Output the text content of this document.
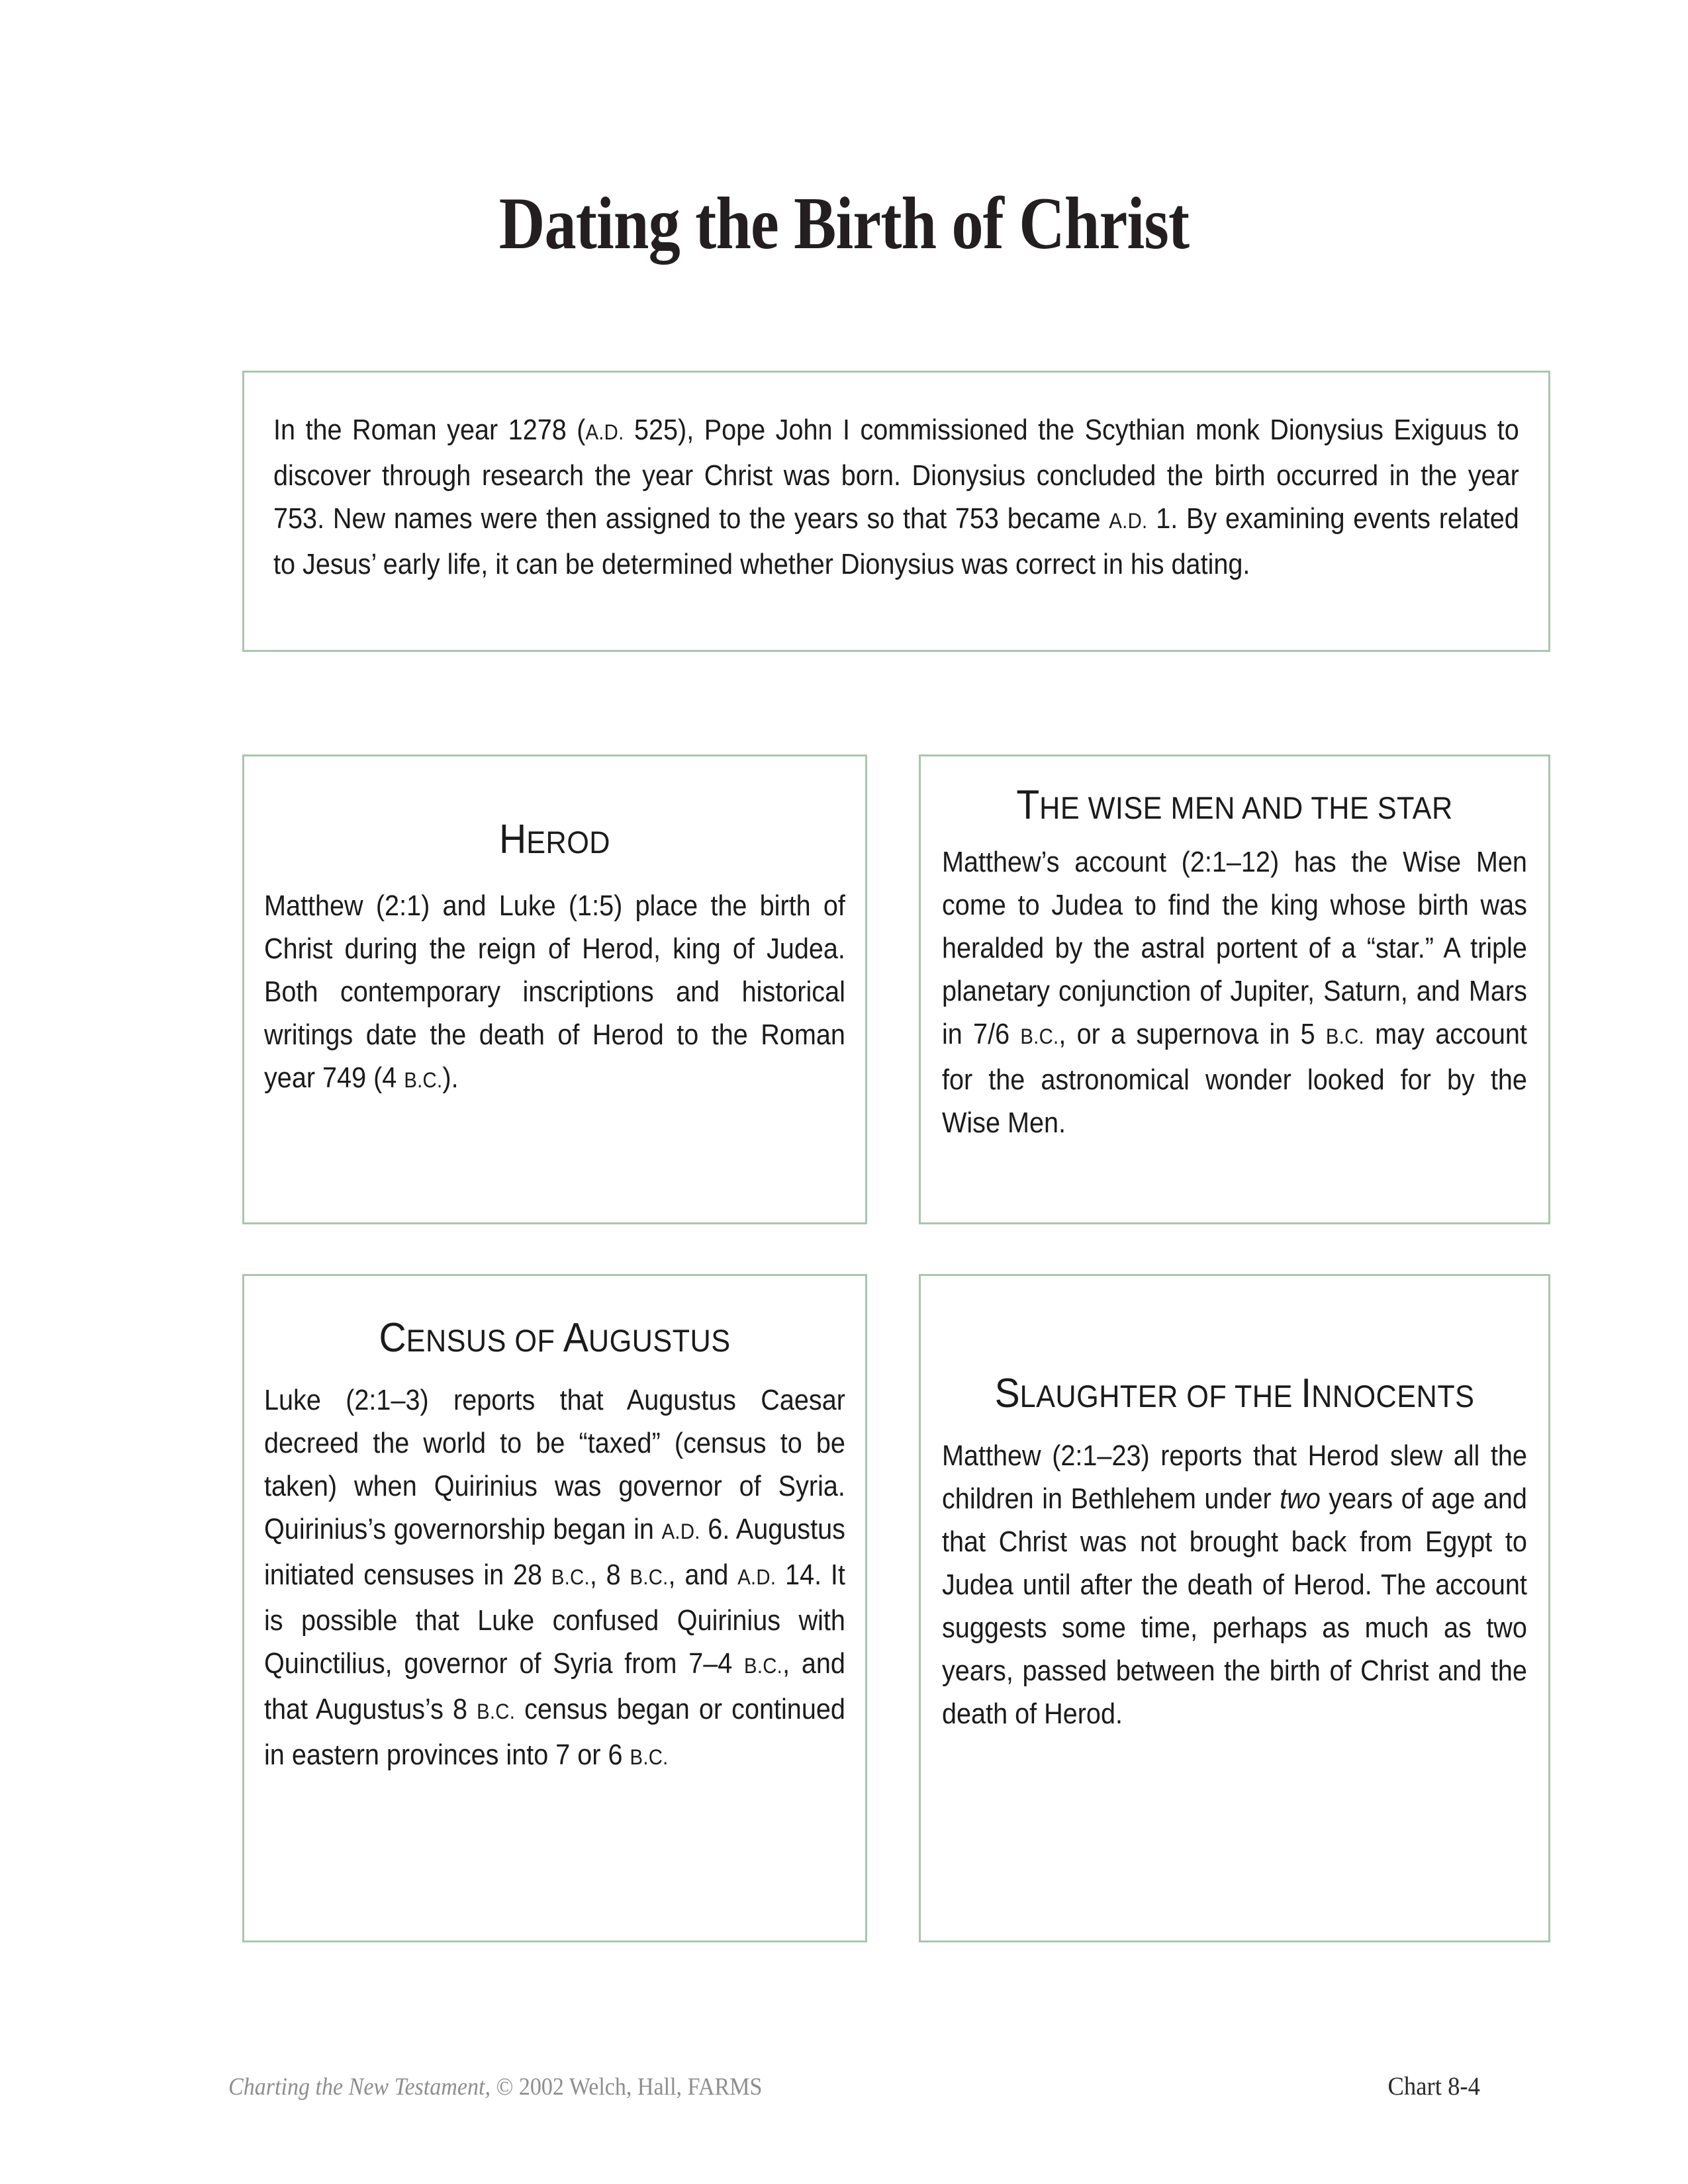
Dating the Birth of Christ
In the Roman year 1278 (A.D. 525), Pope John I commissioned the Scythian monk Dionysius Exiguus to discover through research the year Christ was born. Dionysius concluded the birth occurred in the year 753. New names were then assigned to the years so that 753 became A.D. 1. By examining events related to Jesus’ early life, it can be determined whether Dionysius was correct in his dating.
HEROD
Matthew (2:1) and Luke (1:5) place the birth of Christ during the reign of Herod, king of Judea. Both contemporary inscriptions and historical writings date the death of Herod to the Roman year 749 (4 B.C.).
THE WISE MEN AND THE STAR
Matthew’s account (2:1–12) has the Wise Men come to Judea to find the king whose birth was heralded by the astral portent of a “star.” A triple planetary conjunction of Jupiter, Saturn, and Mars in 7/6 B.C., or a supernova in 5 B.C. may account for the astronomical wonder looked for by the Wise Men.
CENSUS OF AUGUSTUS
Luke (2:1–3) reports that Augustus Caesar decreed the world to be “taxed” (census to be taken) when Quirinius was governor of Syria. Quirinius’s governorship began in A.D. 6. Augustus initiated censuses in 28 B.C., 8 B.C., and A.D. 14. It is possible that Luke confused Quirinius with Quinctilius, governor of Syria from 7–4 B.C., and that Augustus’s 8 B.C. census began or continued in eastern provinces into 7 or 6 B.C.
SLAUGHTER OF THE INNOCENTS
Matthew (2:1–23) reports that Herod slew all the children in Bethlehem under two years of age and that Christ was not brought back from Egypt to Judea until after the death of Herod. The account suggests some time, perhaps as much as two years, passed between the birth of Christ and the death of Herod.
Charting the New Testament, © 2002 Welch, Hall, FARMS	Chart 8-4
